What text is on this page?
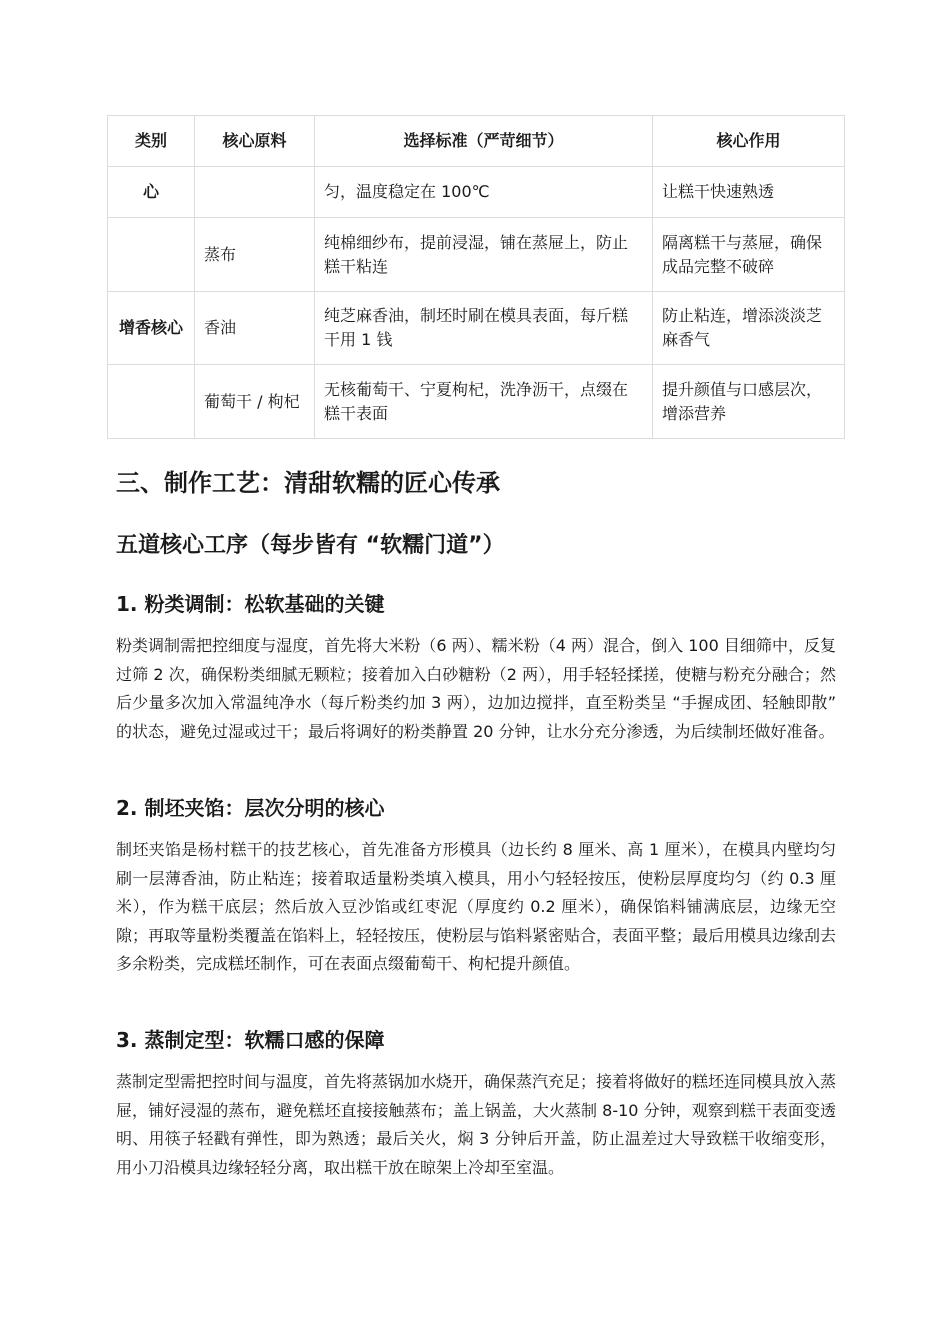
类别	核心原料	选择标准（严苛细节）	核心作用
心		匀，温度稳定在 100℃	让糕干快速熟透
	蒸布	纯棉细纱布，提前浸湿，铺在蒸屉上，防止糕干粘连	隔离糕干与蒸屉，确保成品完整不破碎
增香核心	香油	纯芝麻香油，制坯时刷在模具表面，每斤糕干用 1 钱	防止粘连，增添淡淡芝麻香气
	葡萄干 / 枸杞	无核葡萄干、宁夏枸杞，洗净沥干，点缀在糕干表面	提升颜值与口感层次，增添营养
三、制作工艺：清甜软糯的匠心传承
五道核心工序（每步皆有 “软糯门道”）
1. 粉类调制：松软基础的关键

粉类调制需把控细度与湿度，首先将大米粉（6 两）、糯米粉（4 两）混合，倒入 100 目细筛中，反复过筛 2 次，确保粉类细腻无颗粒；接着加入白砂糖粉（2 两），用手轻轻揉搓，使糖与粉充分融合；然后少量多次加入常温纯净水（每斤粉类约加 3 两），边加边搅拌，直至粉类呈 “手握成团、轻触即散” 的状态，避免过湿或过干；最后将调好的粉类静置 20 分钟，让水分充分渗透，为后续制坯做好准备。

2. 制坯夹馅：层次分明的核心

制坯夹馅是杨村糕干的技艺核心，首先准备方形模具（边长约 8 厘米、高 1 厘米），在模具内壁均匀刷一层薄香油，防止粘连；接着取适量粉类填入模具，用小勺轻轻按压，使粉层厚度均匀（约 0.3 厘米），作为糕干底层；然后放入豆沙馅或红枣泥（厚度约 0.2 厘米），确保馅料铺满底层，边缘无空隙；再取等量粉类覆盖在馅料上，轻轻按压，使粉层与馅料紧密贴合，表面平整；最后用模具边缘刮去多余粉类，完成糕坯制作，可在表面点缀葡萄干、枸杞提升颜值。

3. 蒸制定型：软糯口感的保障

蒸制定型需把控时间与温度，首先将蒸锅加水烧开，确保蒸汽充足；接着将做好的糕坯连同模具放入蒸屉，铺好浸湿的蒸布，避免糕坯直接接触蒸布；盖上锅盖，大火蒸制 8-10 分钟，观察到糕干表面变透明、用筷子轻戳有弹性，即为熟透；最后关火，焖 3 分钟后开盖，防止温差过大导致糕干收缩变形，用小刀沿模具边缘轻轻分离，取出糕干放在晾架上冷却至室温。
